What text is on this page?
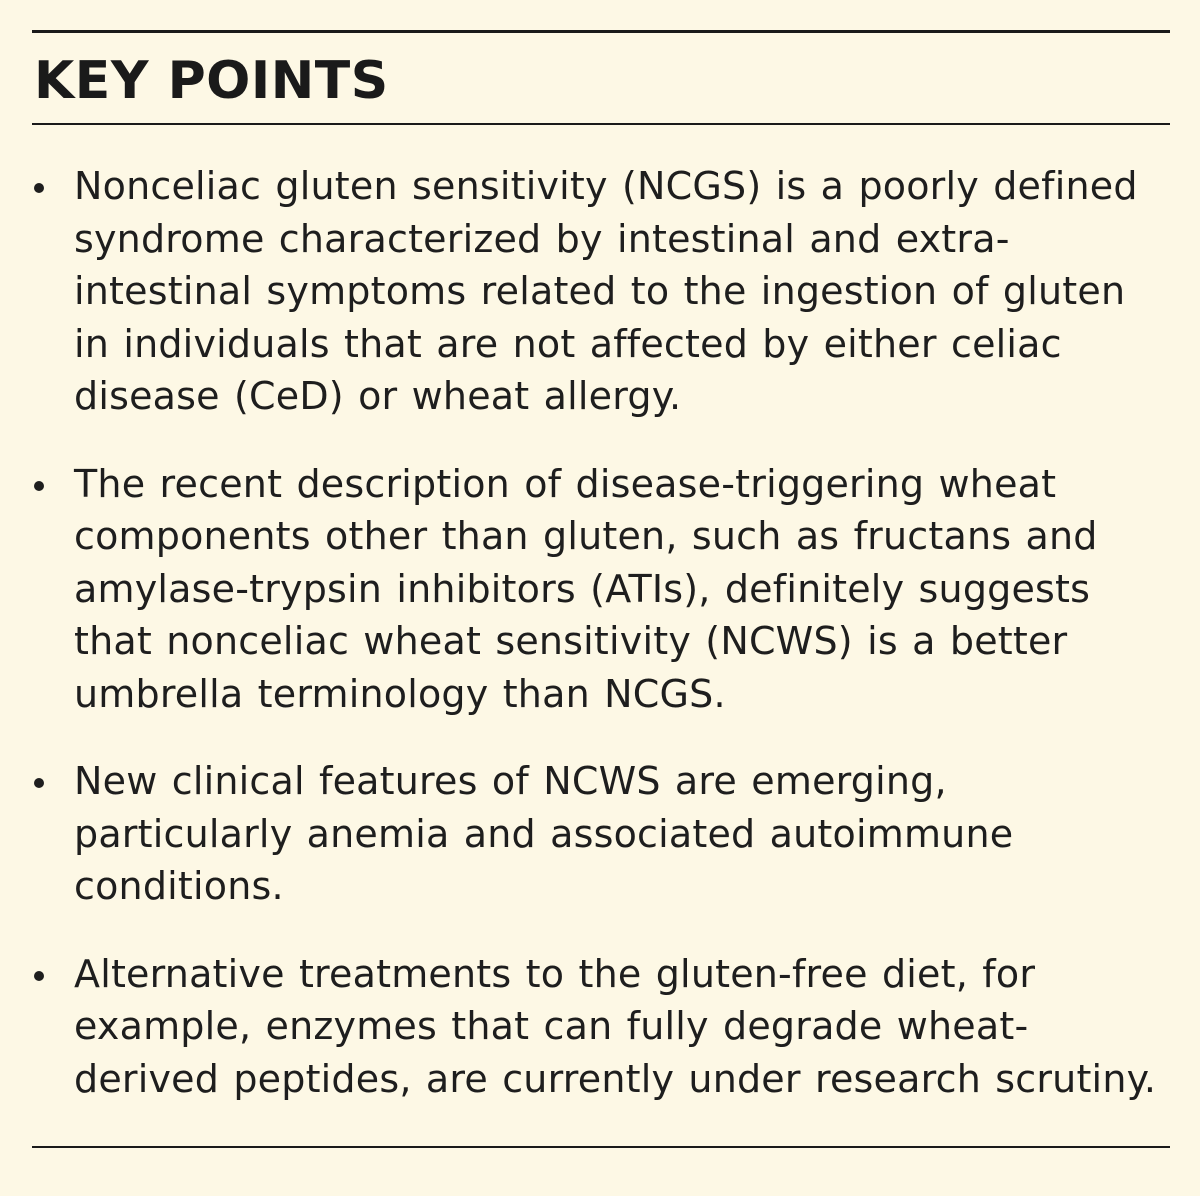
KEY POINTS
Nonceliac gluten sensitivity (NCGS) is a poorly defined syndrome characterized by intestinal and extra-intestinal symptoms related to the ingestion of gluten in individuals that are not affected by either celiac disease (CeD) or wheat allergy.
The recent description of disease-triggering wheat components other than gluten, such as fructans and amylase-trypsin inhibitors (ATIs), definitely suggests that nonceliac wheat sensitivity (NCWS) is a better umbrella terminology than NCGS.
New clinical features of NCWS are emerging, particularly anemia and associated autoimmune conditions.
Alternative treatments to the gluten-free diet, for example, enzymes that can fully degrade wheat-derived peptides, are currently under research scrutiny.
